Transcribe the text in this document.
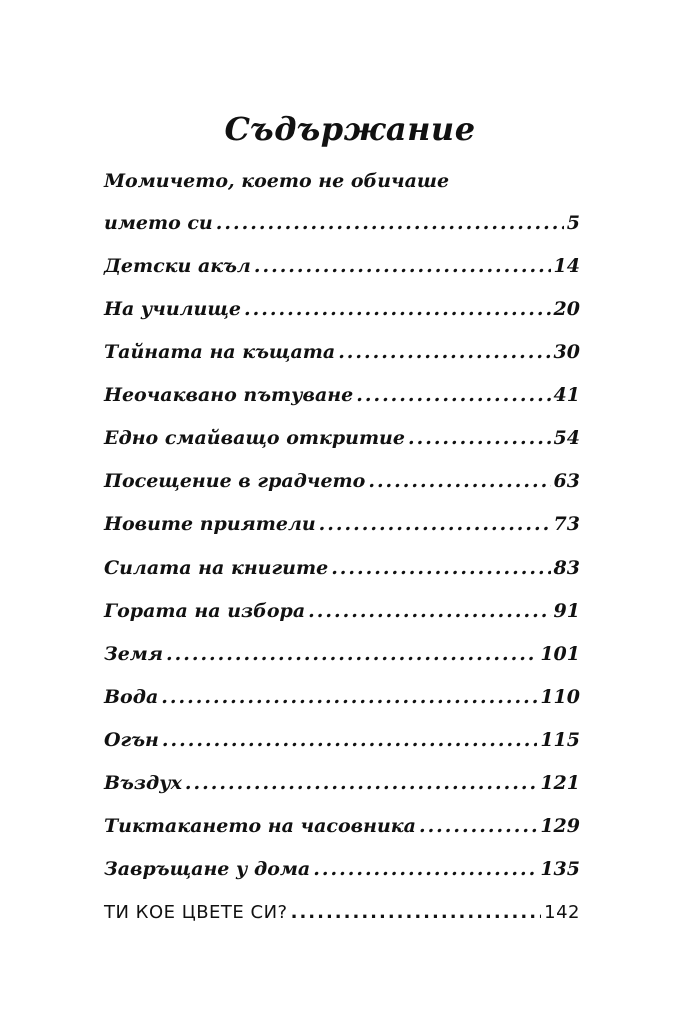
Съдържание
Момичето, което не обичаше
името си .....	5
Детски акъл .....	14
На училище .....	20
Тайната на къщата .....	30
Неочаквано пътуване .....	41
Едно смайващо откритие .....	54
Посещение в градчето .....	63
Новите приятели .....	73
Силата на книгите .....	83
Гората на избора .....	91
Земя .....	101
Вода .....	110
Огън .....	115
Въздух .....	121
Тиктакането на часовника .....	129
Завръщане у дома .....	135
ТИ КОЕ ЦВЕТЕ СИ? .....	142
